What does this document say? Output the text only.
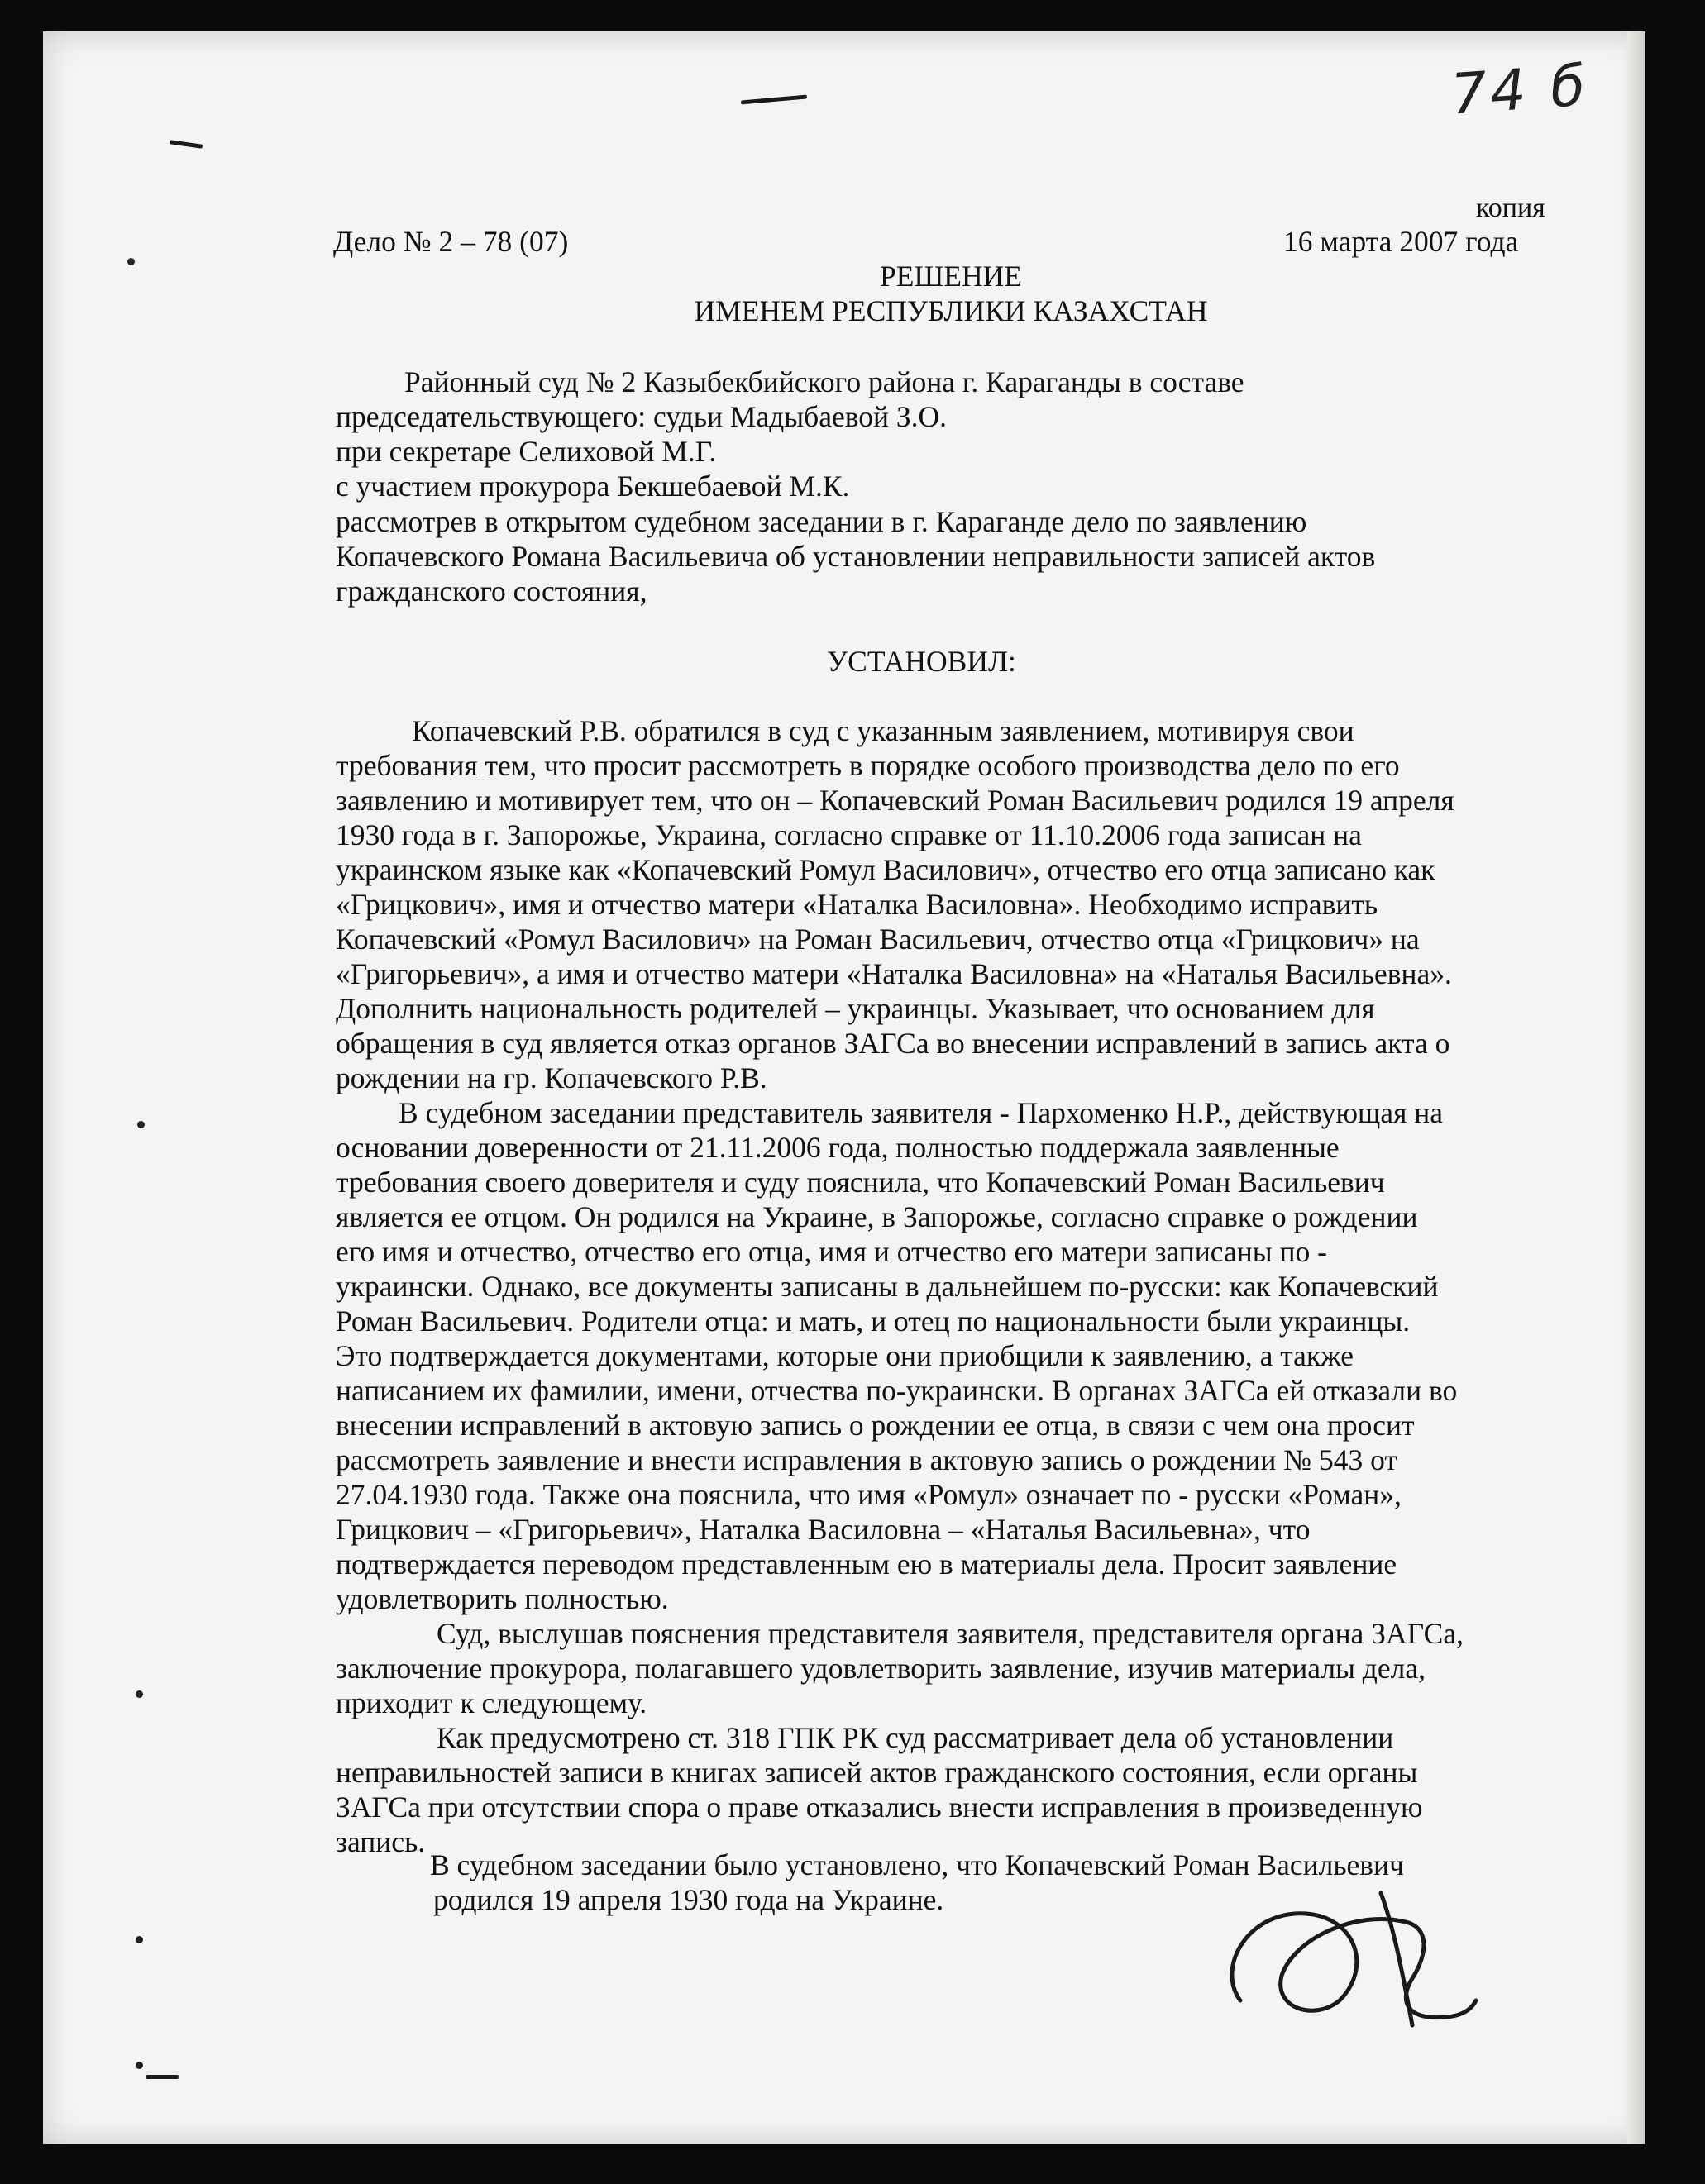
74 б
копия
Дело № 2 – 78 (07)	16 марта 2007 года
РЕШЕНИЕ
ИМЕНЕМ РЕСПУБЛИКИ КАЗАХСТАН
Районный суд № 2 Казыбекбийского района г. Караганды в составе
председательствующего: судьи Мадыбаевой З.О.
при секретаре Селиховой М.Г.
с участием прокурора Бекшебаевой М.К.
рассмотрев в открытом судебном заседании в г. Караганде дело по заявлению
Копачевского Романа Васильевича об установлении неправильности записей актов
гражданского состояния,
УСТАНОВИЛ:
Копачевский Р.В. обратился в суд с указанным заявлением, мотивируя свои
требования тем, что просит рассмотреть в порядке особого производства дело по его
заявлению и мотивирует тем, что он – Копачевский Роман Васильевич родился 19 апреля
1930 года в г. Запорожье, Украина, согласно справке от 11.10.2006 года записан на
украинском языке как «Копачевский Ромул Василович», отчество его отца записано как
«Грицкович», имя и отчество матери «Наталка Василовна». Необходимо исправить
Копачевский «Ромул Василович» на Роман Васильевич, отчество отца «Грицкович» на
«Григорьевич», а имя и отчество матери «Наталка Василовна» на «Наталья Васильевна».
Дополнить национальность родителей – украинцы. Указывает, что основанием для
обращения в суд является отказ органов ЗАГСа во внесении исправлений в запись акта о
рождении на гр. Копачевского Р.В.
В судебном заседании представитель заявителя - Пархоменко Н.Р., действующая на
основании доверенности от 21.11.2006 года, полностью поддержала заявленные
требования своего доверителя и суду пояснила, что Копачевский Роман Васильевич
является ее отцом. Он родился на Украине, в Запорожье, согласно справке о рождении
его имя и отчество, отчество его отца, имя и отчество его матери записаны по -
украински. Однако, все документы записаны в дальнейшем по-русски: как Копачевский
Роман Васильевич. Родители отца: и мать, и отец по национальности были украинцы.
Это подтверждается документами, которые они приобщили к заявлению, а также
написанием их фамилии, имени, отчества по-украински. В органах ЗАГСа ей отказали во
внесении исправлений в актовую запись о рождении ее отца, в связи с чем она просит
рассмотреть заявление и внести исправления в актовую запись о рождении № 543 от
27.04.1930 года. Также она пояснила, что имя «Ромул» означает по - русски «Роман»,
Грицкович – «Григорьевич», Наталка Василовна – «Наталья Васильевна», что
подтверждается переводом представленным ею в материалы дела. Просит заявление
удовлетворить полностью.
Суд, выслушав пояснения представителя заявителя, представителя органа ЗАГСа,
заключение прокурора, полагавшего удовлетворить заявление, изучив материалы дела,
приходит к следующему.
Как предусмотрено ст. 318 ГПК РК суд рассматривает дела об установлении
неправильностей записи в книгах записей актов гражданского состояния, если органы
ЗАГСа при отсутствии спора о праве отказались внести исправления в произведенную
запись.
В судебном заседании было установлено, что Копачевский Роман Васильевич
родился 19 апреля 1930 года на Украине.
